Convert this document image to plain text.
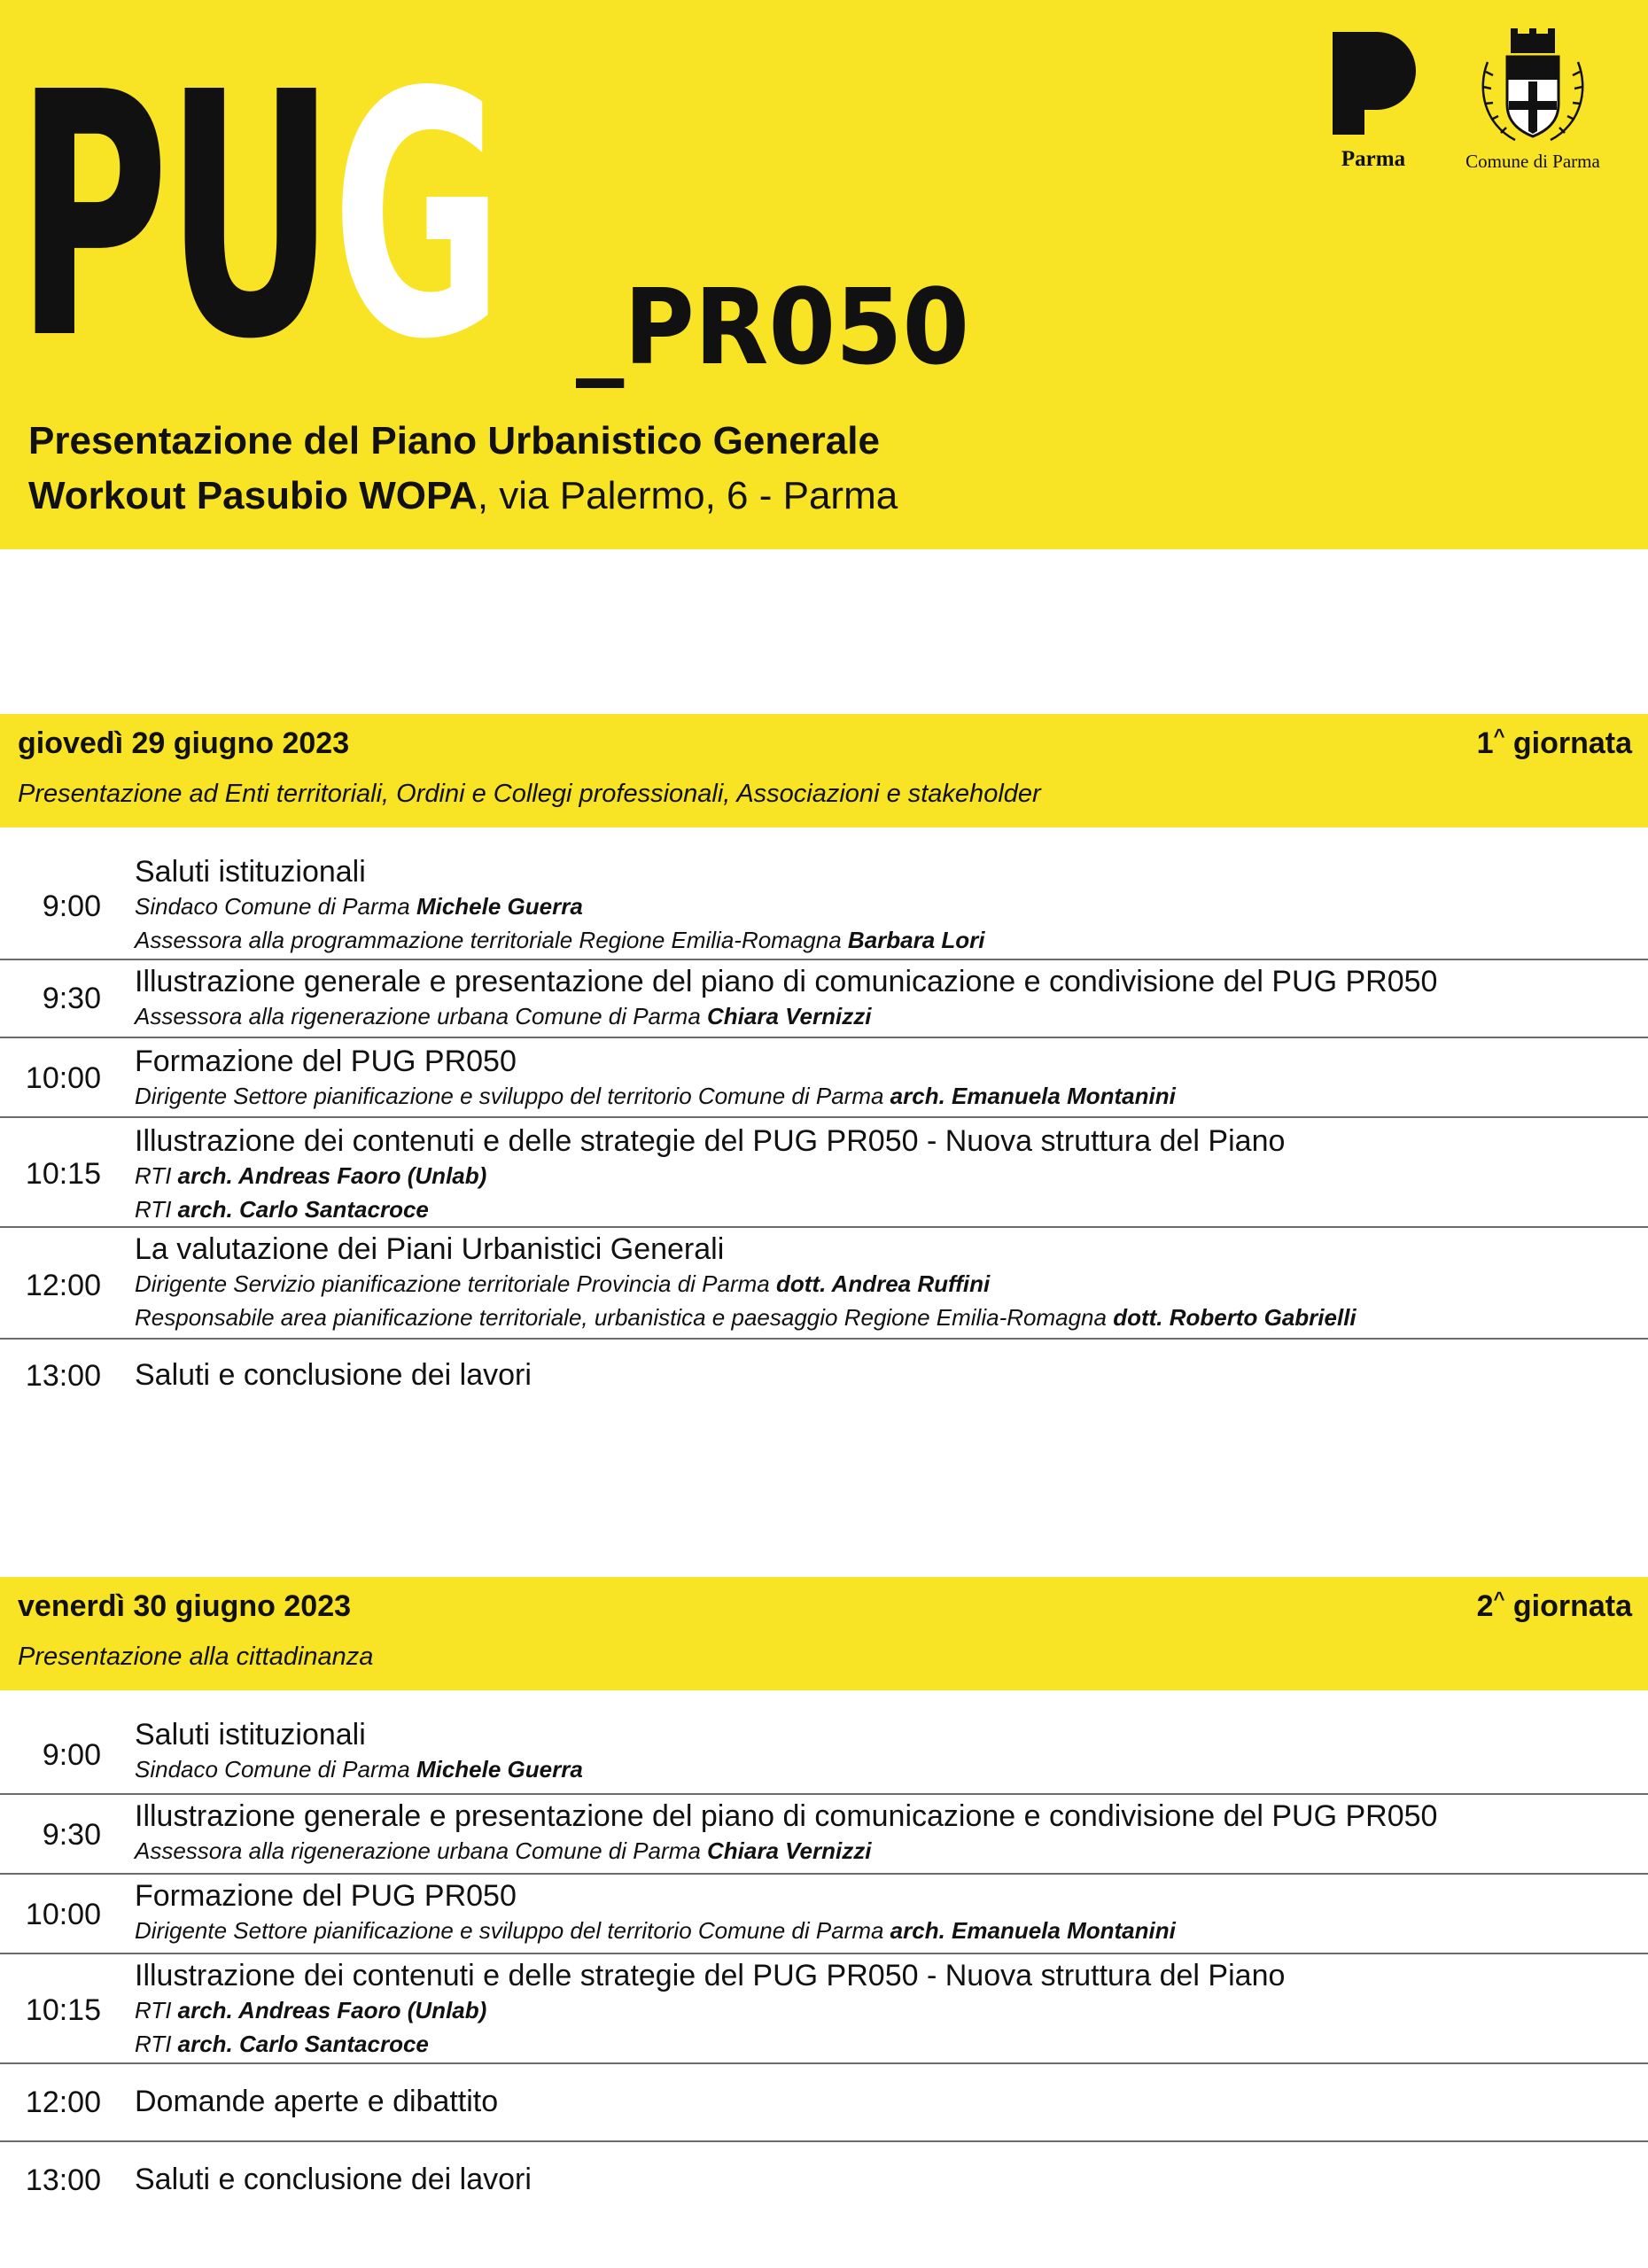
PUG _PR050
Presentazione del Piano Urbanistico Generale
Workout Pasubio WOPA, via Palermo, 6 - Parma
Parma	Comune di Parma
giovedì 29 giugno 2023	1^ giornata
Presentazione ad Enti territoriali, Ordini e Collegi professionali, Associazioni e stakeholder
9:00
Saluti istituzionali
Sindaco Comune di Parma Michele Guerra
Assessora alla programmazione territoriale Regione Emilia-Romagna Barbara Lori
9:30 Illustrazione generale e presentazione del piano di comunicazione e condivisione del PUG PR050
Assessora alla rigenerazione urbana Comune di Parma Chiara Vernizzi
10:00 Formazione del PUG PR050
Dirigente Settore pianificazione e sviluppo del territorio Comune di Parma arch. Emanuela Montanini
10:15
Illustrazione dei contenuti e delle strategie del PUG PR050 - Nuova struttura del Piano
RTI arch. Andreas Faoro (Unlab)
RTI arch. Carlo Santacroce
12:00
La valutazione dei Piani Urbanistici Generali
Dirigente Servizio pianificazione territoriale Provincia di Parma dott. Andrea Ruffini
Responsabile area pianificazione territoriale, urbanistica e paesaggio Regione Emilia-Romagna dott. Roberto Gabrielli
13:00 Saluti e conclusione dei lavori
venerdì 30 giugno 2023	2^ giornata
Presentazione alla cittadinanza
9:00
Saluti istituzionali
Sindaco Comune di Parma Michele Guerra
9:30
Illustrazione generale e presentazione del piano di comunicazione e condivisione del PUG PR050
Assessora alla rigenerazione urbana Comune di Parma Chiara Vernizzi
10:00
Formazione del PUG PR050
Dirigente Settore pianificazione e sviluppo del territorio Comune di Parma arch. Emanuela Montanini
10:15
Illustrazione dei contenuti e delle strategie del PUG PR050 - Nuova struttura del Piano
RTI arch. Andreas Faoro (Unlab)
RTI arch. Carlo Santacroce
12:00 Domande aperte e dibattito
13:00 Saluti e conclusione dei lavori
